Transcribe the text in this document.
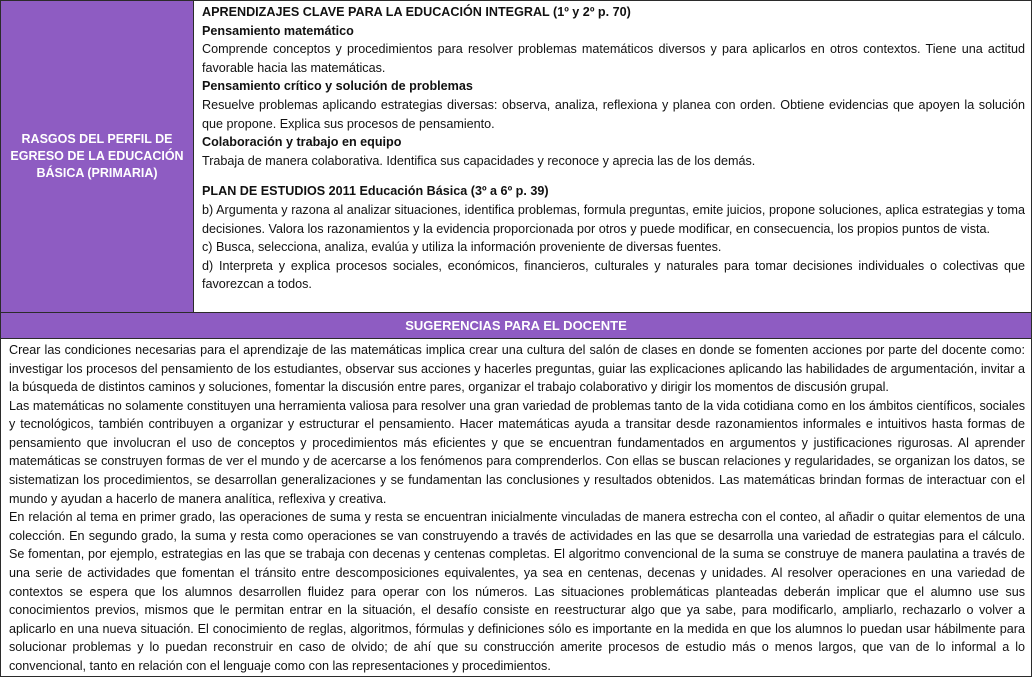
RASGOS DEL PERFIL DE EGRESO DE LA EDUCACIÓN BÁSICA (PRIMARIA)	

APRENDIZAJES CLAVE PARA LA EDUCACIÓN INTEGRAL (1º y 2º p. 70)

Pensamiento matemático

Comprende conceptos y procedimientos para resolver problemas matemáticos diversos y para aplicarlos en otros contextos. Tiene una actitud favorable hacia las matemáticas.

Pensamiento crítico y solución de problemas

Resuelve problemas aplicando estrategias diversas: observa, analiza, reflexiona y planea con orden. Obtiene evidencias que apoyen la solución que propone. Explica sus procesos de pensamiento.

Colaboración y trabajo en equipo

Trabaja de manera colaborativa. Identifica sus capacidades y reconoce y aprecia las de los demás.

PLAN DE ESTUDIOS 2011 Educación Básica (3º a 6º p. 39)

b) Argumenta y razona al analizar situaciones, identifica problemas, formula preguntas, emite juicios, propone soluciones, aplica estrategias y toma decisiones. Valora los razonamientos y la evidencia proporcionada por otros y puede modificar, en consecuencia, los propios puntos de vista.

c) Busca, selecciona, analiza, evalúa y utiliza la información proveniente de diversas fuentes.

d) Interpreta y explica procesos sociales, económicos, financieros, culturales y naturales para tomar decisiones individuales o colectivas que favorezcan a todos.

SUGERENCIAS PARA EL DOCENTE

Crear las condiciones necesarias para el aprendizaje de las matemáticas implica crear una cultura del salón de clases en donde se fomenten acciones por parte del docente como: investigar los procesos del pensamiento de los estudiantes, observar sus acciones y hacerles preguntas, guiar las explicaciones aplicando las habilidades de argumentación, invitar a la búsqueda de distintos caminos y soluciones, fomentar la discusión entre pares, organizar el trabajo colaborativo y dirigir los momentos de discusión grupal.

Las matemáticas no solamente constituyen una herramienta valiosa para resolver una gran variedad de problemas tanto de la vida cotidiana como en los ámbitos científicos, sociales y tecnológicos, también contribuyen a organizar y estructurar el pensamiento. Hacer matemáticas ayuda a transitar desde razonamientos informales e intuitivos hasta formas de pensamiento que involucran el uso de conceptos y procedimientos más eficientes y que se encuentran fundamentados en argumentos y justificaciones rigurosas. Al aprender matemáticas se construyen formas de ver el mundo y de acercarse a los fenómenos para comprenderlos. Con ellas se buscan relaciones y regularidades, se organizan los datos, se sistematizan los procedimientos, se desarrollan generalizaciones y se fundamentan las conclusiones y resultados obtenidos. Las matemáticas brindan formas de interactuar con el mundo y ayudan a hacerlo de manera analítica, reflexiva y creativa.

En relación al tema en primer grado, las operaciones de suma y resta se encuentran inicialmente vinculadas de manera estrecha con el conteo, al añadir o quitar elementos de una colección. En segundo grado, la suma y resta como operaciones se van construyendo a través de actividades en las que se desarrolla una variedad de estrategias para el cálculo. Se fomentan, por ejemplo, estrategias en las que se trabaja con decenas y centenas completas. El algoritmo convencional de la suma se construye de manera paulatina a través de una serie de actividades que fomentan el tránsito entre descomposiciones equivalentes, ya sea en centenas, decenas y unidades. Al resolver operaciones en una variedad de contextos se espera que los alumnos desarrollen fluidez para operar con los números. Las situaciones problemáticas planteadas deberán implicar que el alumno use sus conocimientos previos, mismos que le permitan entrar en la situación, el desafío consiste en reestructurar algo que ya sabe, para modificarlo, ampliarlo, rechazarlo o volver a aplicarlo en una nueva situación. El conocimiento de reglas, algoritmos, fórmulas y definiciones sólo es importante en la medida en que los alumnos lo puedan usar hábilmente para solucionar problemas y lo puedan reconstruir en caso de olvido; de ahí que su construcción amerite procesos de estudio más o menos largos, que van de lo informal a lo convencional, tanto en relación con el lenguaje como con las representaciones y procedimientos.
